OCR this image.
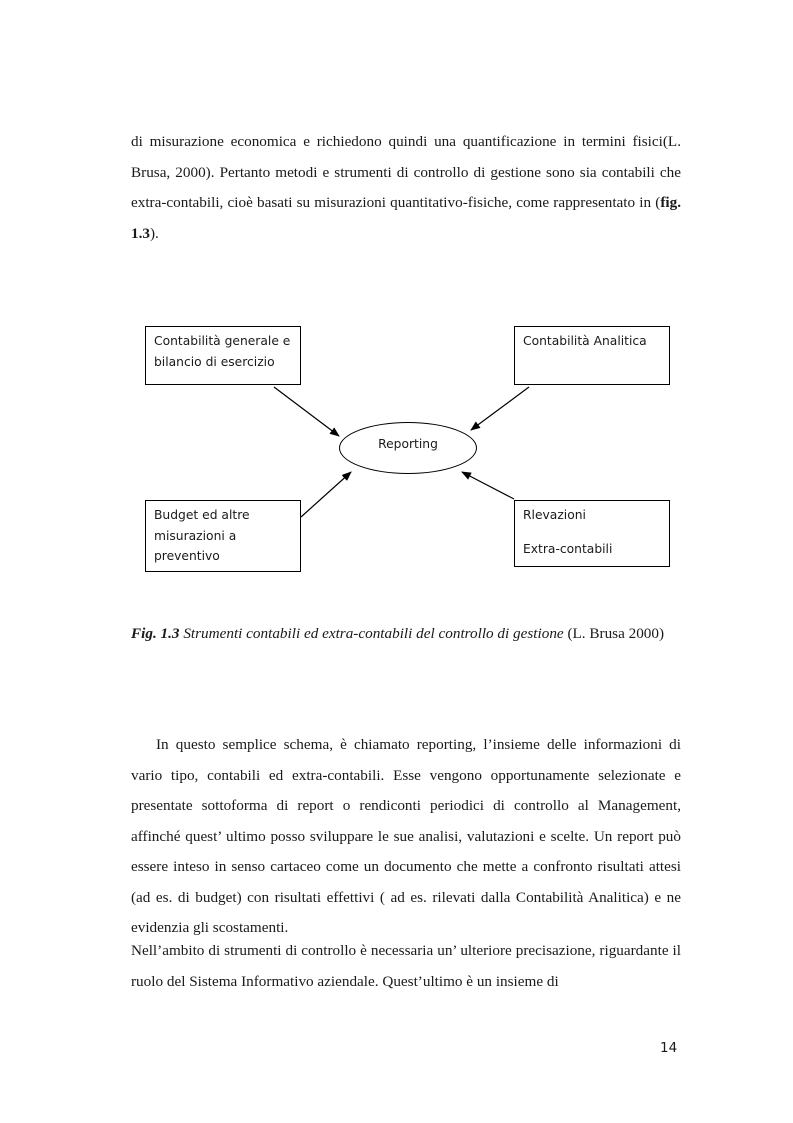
di misurazione economica e richiedono quindi una quantificazione in termini fisici(L. Brusa, 2000). Pertanto metodi e strumenti di controllo di gestione sono sia contabili che extra-contabili, cioè basati su misurazioni quantitativo-fisiche, come rappresentato in (fig. 1.3).

Contabilità generale e
bilancio di esercizio
Contabilità Analitica
Reporting
Budget ed altre
misurazioni a
preventivo
Rlevazioni
Extra-contabili

Fig. 1.3 Strumenti contabili ed extra-contabili del controllo di gestione (L. Brusa 2000)

In questo semplice schema, è chiamato reporting, l’insieme delle informazioni di vario tipo, contabili ed extra-contabili. Esse vengono opportunamente selezionate e presentate sottoforma di report o rendiconti periodici di controllo al Management, affinché quest’ ultimo posso sviluppare le sue analisi, valutazioni e scelte. Un report può essere inteso in senso cartaceo come un documento che mette a confronto risultati attesi (ad es. di budget) con risultati effettivi ( ad es. rilevati dalla Contabilità Analitica) e ne evidenzia gli scostamenti.

Nell’ambito di strumenti di controllo è necessaria un’ ulteriore precisazione, riguardante il ruolo del Sistema Informativo aziendale. Quest’ultimo è un insieme di

14
